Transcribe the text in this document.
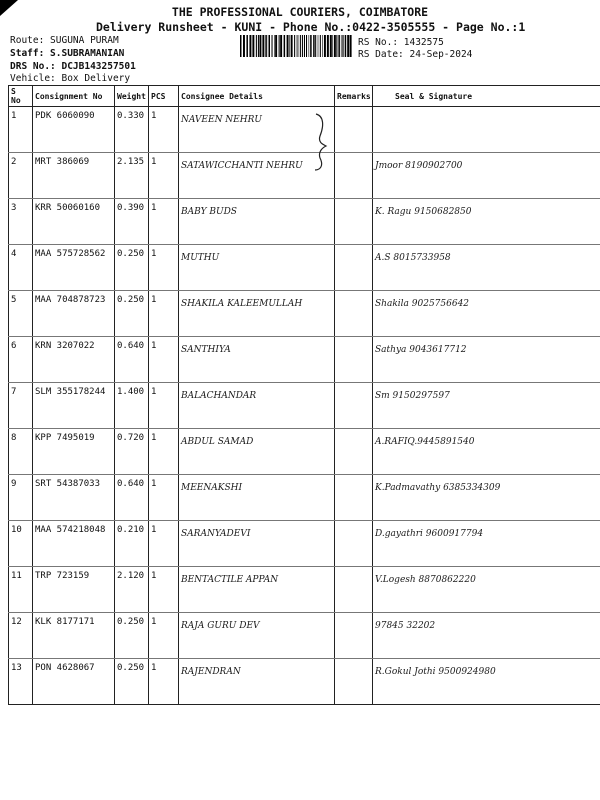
THE PROFESSIONAL COURIERS, COIMBATORE
Delivery Runsheet - KUNI - Phone No.:0422-3505555 - Page No.:1
Route: SUGUNA PURAM
Staff: S.SUBRAMANIAN
DRS No.: DCJB143257501
Vehicle: Box Delivery
RS No.: 1432575
RS Date: 24-Sep-2024
S No	Consignment No	Weight	PCS	Consignee Details	Remarks	Seal & Signature
1	PDK 6060090	0.330	1	NAVEEN NEHRU		
2	MRT 386069	2.135	1	SATAWICCHANTI NEHRU		Jmoor 8190902700
3	KRR 50060160	0.390	1	BABY BUDS		K. Ragu 9150682850
4	MAA 575728562	0.250	1	MUTHU		A.S 8015733958
5	MAA 704878723	0.250	1	SHAKILA KALEEMULLAH		Shakila 9025756642
6	KRN 3207022	0.640	1	SANTHIYA		Sathya 9043617712
7	SLM 355178244	1.400	1	BALACHANDAR		Sm 9150297597
8	KPP 7495019	0.720	1	ABDUL SAMAD		A.RAFIQ.9445891540
9	SRT 54387033	0.640	1	MEENAKSHI		K.Padmavathy 6385334309
10	MAA 574218048	0.210	1	SARANYADEVI		D.gayathri 9600917794
11	TRP 723159	2.120	1	BENTACTILE APPAN		V.Logesh 8870862220
12	KLK 8177171	0.250	1	RAJA GURU DEV		97845 32202
13	PON 4628067	0.250	1	RAJENDRAN		R.Gokul Jothi 9500924980
